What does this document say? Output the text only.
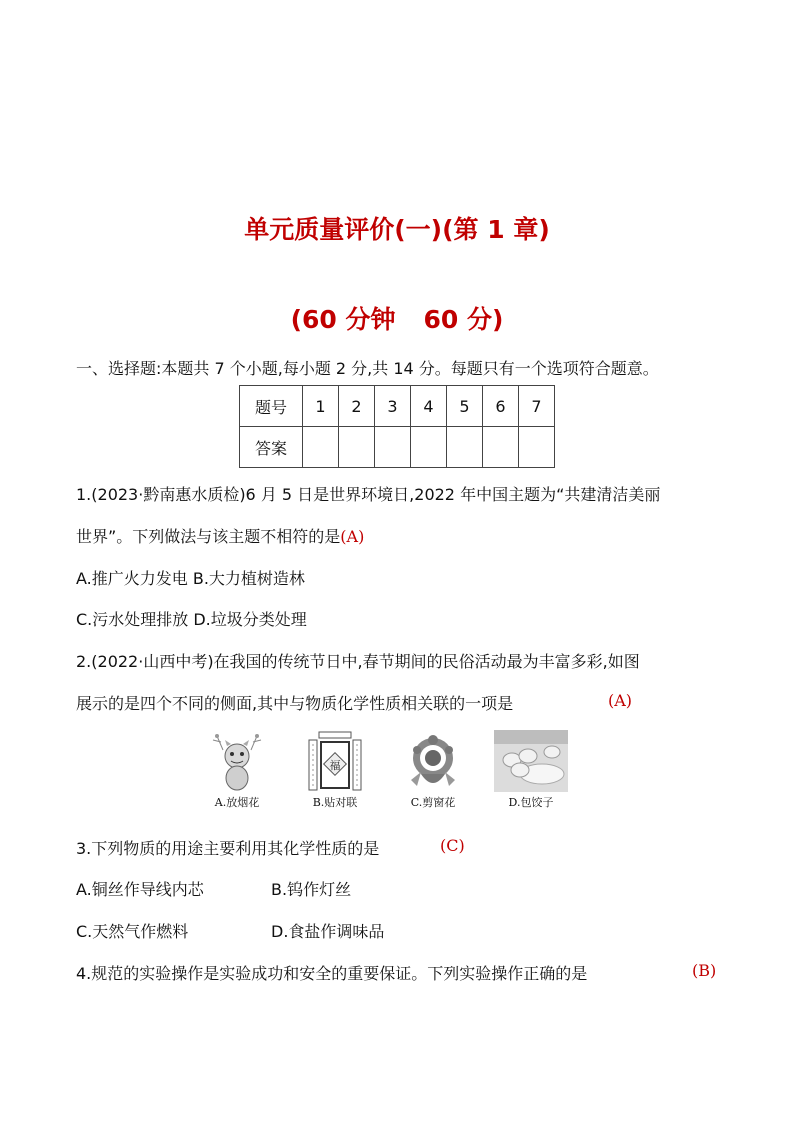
单元质量评价(一)(第 1 章)
(60 分钟 60 分)
一、选择题:本题共 7 个小题,每小题 2 分,共 14 分。每题只有一个选项符合题意。
题号	1	2	3	4	5	6	7
答案							
1.(2023·黔南惠水质检)6 月 5 日是世界环境日,2022 年中国主题为“共建清洁美丽
世界”。下列做法与该主题不相符的是(A)
A.推广火力发电 B.大力植树造林
C.污水处理排放 D.垃圾分类处理
2.(2022·山西中考)在我国的传统节日中,春节期间的民俗活动最为丰富多彩,如图
展示的是四个不同的侧面,其中与物质化学性质相关联的一项是	(A)
A.放烟花
福
B.贴对联	C.剪窗花	D.包饺子
3.下列物质的用途主要利用其化学性质的是	(C)
A.铜丝作导线内芯	B.钨作灯丝
C.天然气作燃料	D.食盐作调味品
4.规范的实验操作是实验成功和安全的重要保证。下列实验操作正确的是	(B)
